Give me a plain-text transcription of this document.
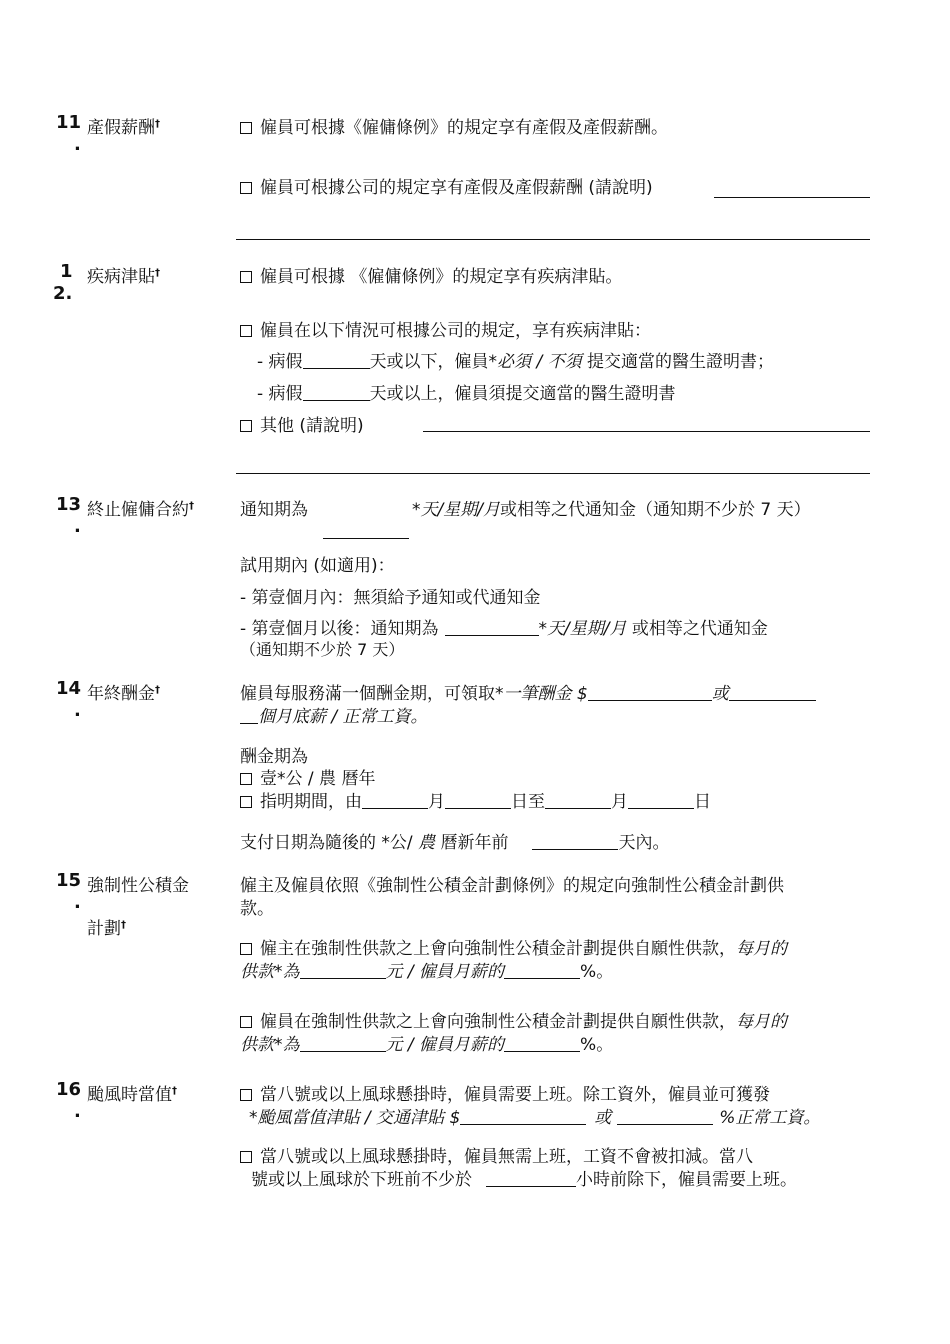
11
.
產假薪酬†	僱員可根據《僱傭條例》的規定享有產假及產假薪酬。
僱員可根據公司的規定享有產假及產假薪酬 (請說明)
1
2.
疾病津貼†	僱員可根據 《僱傭條例》的規定享有疾病津貼。
僱員在以下情況可根據公司的規定，享有疾病津貼：
- 病假	天或以下，僱員*必須 / 不須 提交適當的醫生證明書；
- 病假	天或以上，僱員須提交適當的醫生證明書
其他 (請說明)
13
.
終止僱傭合約†	通知期為	*天/星期/月或相等之代通知金（通知期不少於 7 天）
試用期內 (如適用)：
- 第壹個月內：無須給予通知或代通知金
- 第壹個月以後：通知期為	*天/星期/月 或相等之代通知金
（通知期不少於 7 天）
14
.
年終酬金†	僱員每服務滿一個酬金期，可領取*一筆酬金 $	或
個月底薪 / 正常工資。
酬金期為
壹*公 / 農 曆年
指明期間，由	月	日至	月	日
支付日期為隨後的 *公/ 農 曆新年前	天內。
15
.
強制性公積金
計劃†
僱主及僱員依照《強制性公積金計劃條例》的規定向強制性公積金計劃供
款。
僱主在強制性供款之上會向強制性公積金計劃提供自願性供款，每月的
供款*為	元 / 僱員月薪的	%。
僱員在強制性供款之上會向強制性公積金計劃提供自願性供款，每月的
供款*為	元 / 僱員月薪的	%。
16
.
颱風時當值†	當八號或以上風球懸掛時，僱員需要上班。除工資外，僱員並可獲發
*颱風當值津貼 / 交通津貼 $	或	%正常工資。
當八號或以上風球懸掛時，僱員無需上班，工資不會被扣減。當八
號或以上風球於下班前不少於	小時前除下，僱員需要上班。
